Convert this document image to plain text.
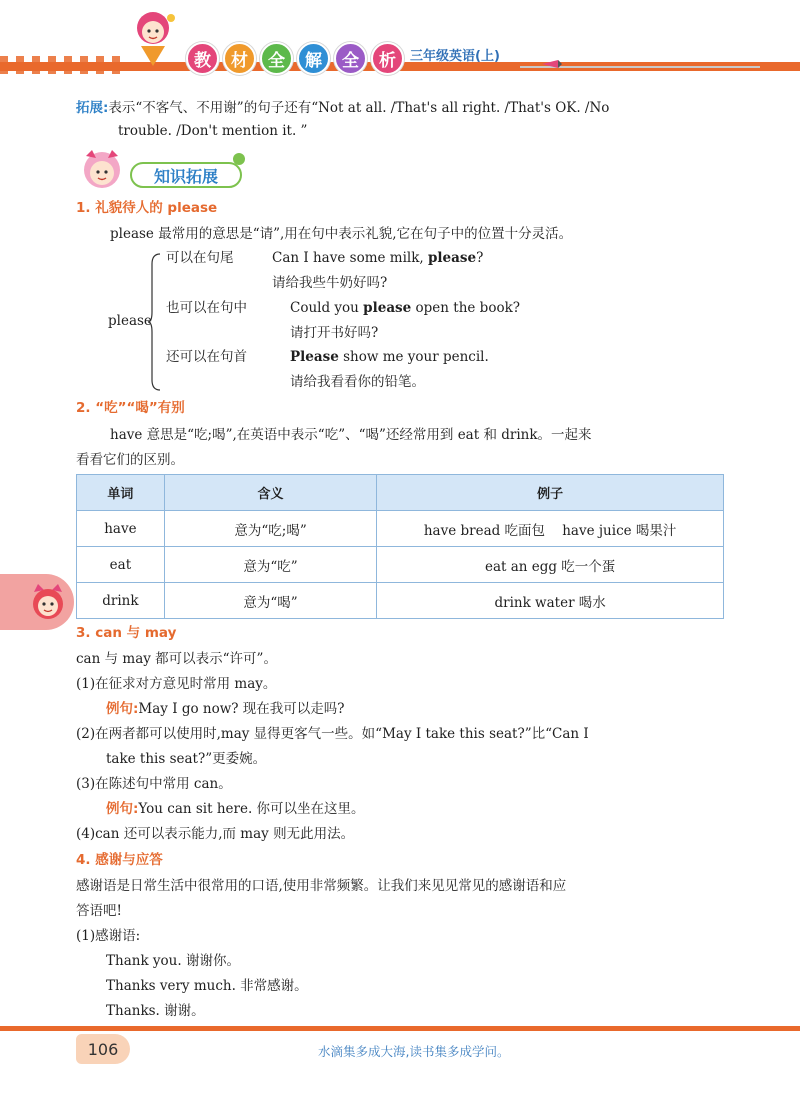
教	材	全	解	全	析	三年级英语(上)
拓展:表示“不客气、不用谢”的句子还有“Not at all. /That's all right. /That's OK. /No
trouble. /Don't mention it. ”
知识拓展
1. 礼貌待人的 please
please 最常用的意思是“请”,用在句中表示礼貌,它在句子中的位置十分灵活。
please
可以在句尾	Can I have some milk, please?
请给我些牛奶好吗?
也可以在句中	Could you please open the book?
请打开书好吗?
还可以在句首	Please show me your pencil.
请给我看看你的铅笔。
2. “吃”“喝”有别
have 意思是“吃;喝”,在英语中表示“吃”、“喝”还经常用到 eat 和 drink。一起来
看看它们的区别。
单词	含义	例子
have	意为“吃;喝”	have bread 吃面包    have juice 喝果汁
eat	意为“吃”	eat an egg 吃一个蛋
drink	意为“喝”	drink water 喝水
3. can 与 may
can 与 may 都可以表示“许可”。
(1)在征求对方意见时常用 may。
例句:May I go now? 现在我可以走吗?
(2)在两者都可以使用时,may 显得更客气一些。如“May I take this seat?”比“Can I
take this seat?”更委婉。
(3)在陈述句中常用 can。
例句:You can sit here. 你可以坐在这里。
(4)can 还可以表示能力,而 may 则无此用法。
4. 感谢与应答
感谢语是日常生活中很常用的口语,使用非常频繁。让我们来见见常见的感谢语和应
答语吧!
(1)感谢语:
Thank you. 谢谢你。
Thanks very much. 非常感谢。
Thanks. 谢谢。
106	水滴集多成大海,读书集多成学问。
